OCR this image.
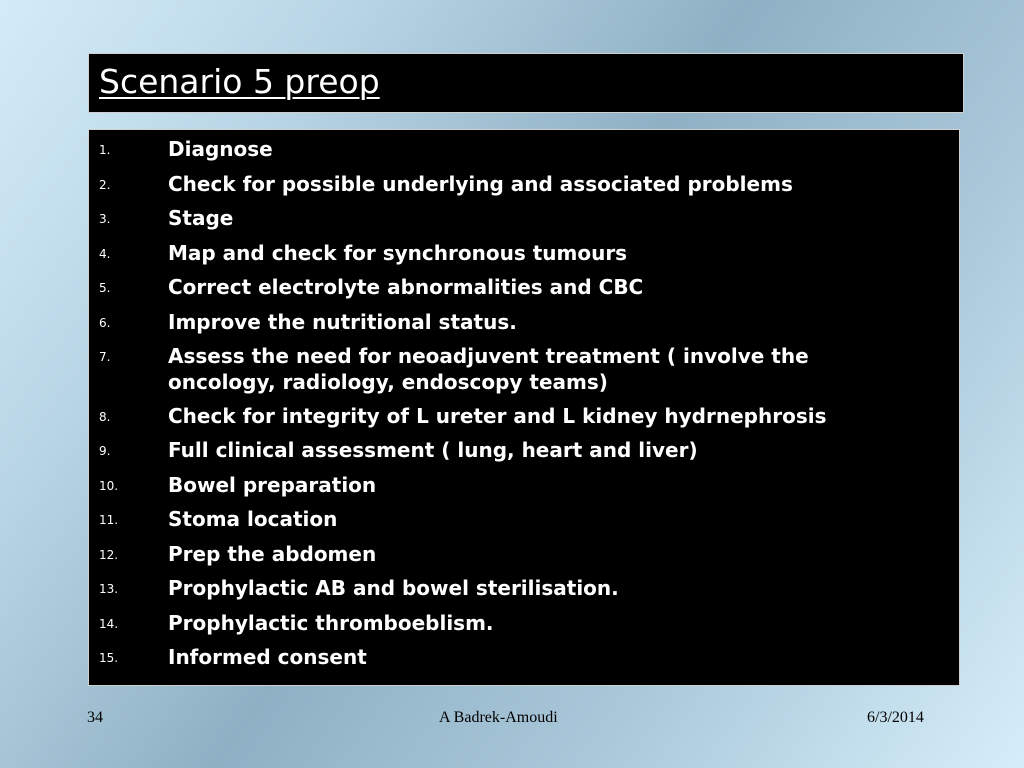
Scenario 5 preop
1.	Diagnose
2.	Check for possible underlying and associated problems
3.	Stage
4.	Map and check for synchronous tumours
5.	Correct electrolyte abnormalities and CBC
6.	Improve the nutritional status.
7.	Assess the need for neoadjuvent treatment ( involve the oncology, radiology, endoscopy teams)
8.	Check for integrity of L ureter and L kidney hydrnephrosis
9.	Full clinical assessment ( lung, heart and liver)
10.	Bowel preparation
11.	Stoma location
12.	Prep the abdomen
13.	Prophylactic AB and bowel sterilisation.
14.	Prophylactic thromboeblism.
15.	Informed consent
34	A Badrek-Amoudi	6/3/2014
